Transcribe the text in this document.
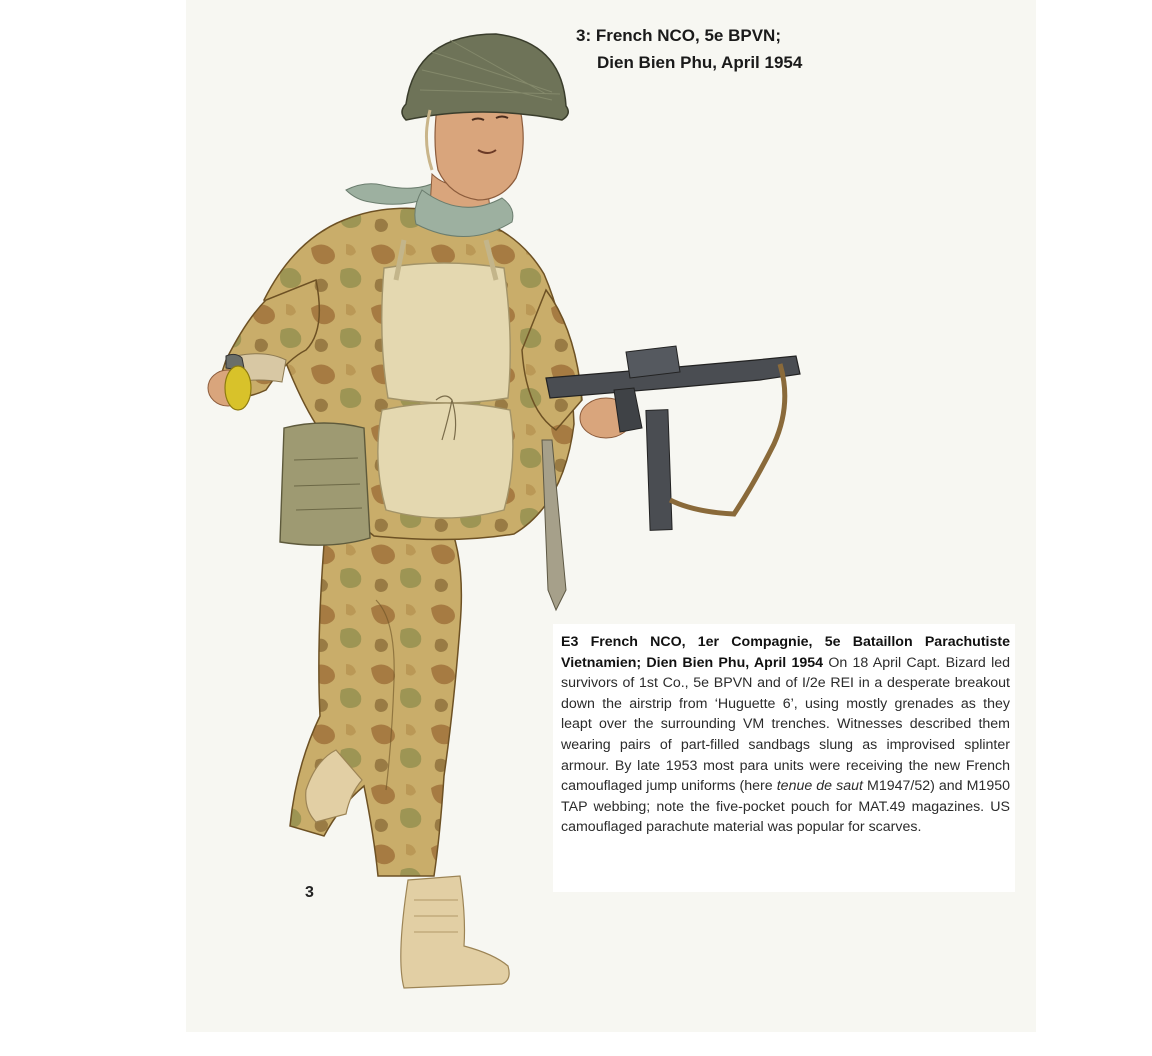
3: French NCO, 5e BPVN;
Dien Bien Phu, April 1954
3

E3 French NCO, 1er Compagnie, 5e Bataillon Parachutiste Vietnamien; Dien Bien Phu, April 1954 On 18 April Capt. Bizard led survivors of 1st Co., 5e BPVN and of I/2e REI in a desperate breakout down the airstrip from ‘Huguette 6’, using mostly grenades as they leapt over the surrounding VM trenches. Witnesses described them wearing pairs of part-filled sandbags slung as improvised splinter armour. By late 1953 most para units were receiving the new French camouflaged jump uniforms (here tenue de saut M1947/52) and M1950 TAP webbing; note the five-pocket pouch for MAT.49 magazines. US camouflaged parachute material was popular for scarves.
